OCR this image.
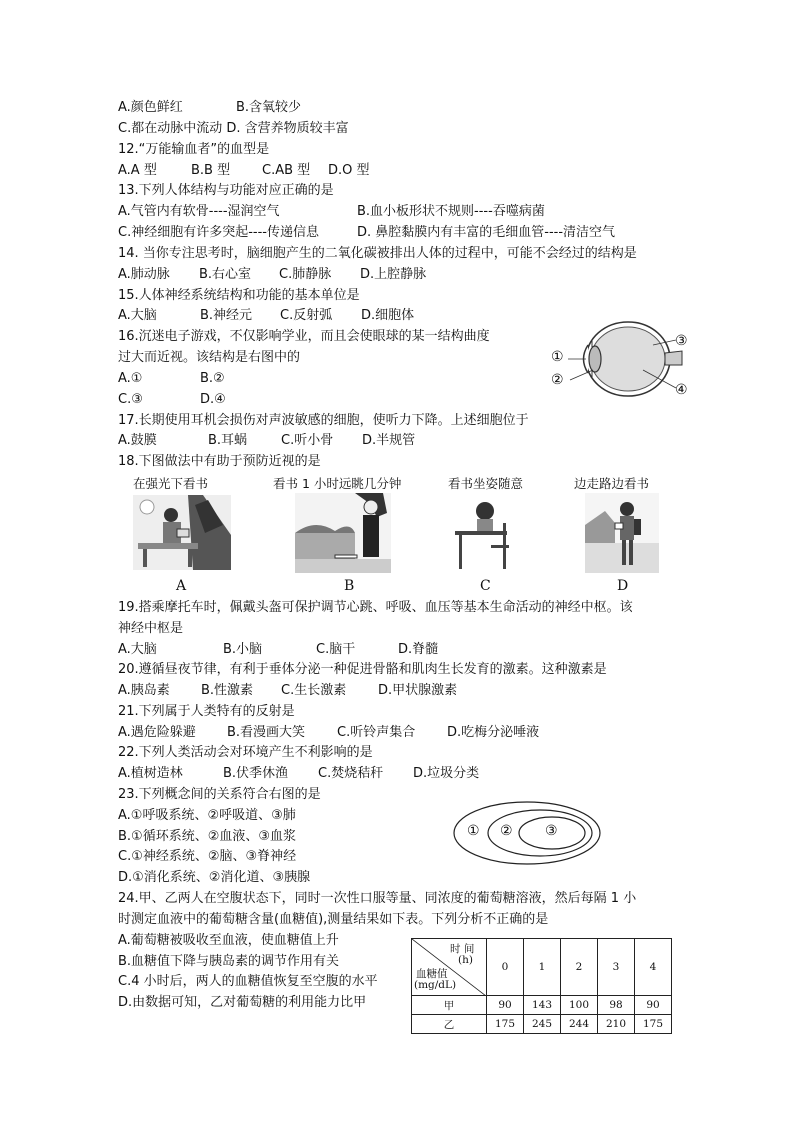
A.颜色鲜红	B.含氧较少
C.都在动脉中流动 D. 含营养物质较丰富
12.“万能输血者”的血型是
A.A 型	B.B 型 C.AB 型 D.O 型
13.下列人体结构与功能对应正确的是
A.气管内有软骨----湿润空气	B.血小板形状不规则----吞噬病菌
C.神经细胞有许多突起----传递信息	D. 鼻腔黏膜内有丰富的毛细血管----清洁空气
14. 当你专注思考时，脑细胞产生的二氧化碳被排出人体的过程中，可能不会经过的结构是
A.肺动脉 B.右心室 C.肺静脉 D.上腔静脉
15.人体神经系统结构和功能的基本单位是
A.大脑	B.神经元 C.反射弧 D.细胞体
16.沉迷电子游戏，不仅影响学业，而且会使眼球的某一结构曲度
过大而近视。该结构是右图中的
A.①	B.②
C.③	D.④
①
②
③
④
17.长期使用耳机会损伤对声波敏感的细胞，使听力下降。上述细胞位于
A.鼓膜	B.耳蜗	C.听小骨 D.半规管
18.下图做法中有助于预防近视的是
在强光下看书	看书 1 小时远眺几分钟	看书坐姿随意	边走路边看书
A	B	C	D
19.搭乘摩托车时，佩戴头盔可保护调节心跳、呼吸、血压等基本生命活动的神经中枢。该
神经中枢是
A.大脑	B.小脑	C.脑干	D.脊髓
20.遵循昼夜节律，有利于垂体分泌一种促进骨骼和肌肉生长发育的激素。这种激素是
A.胰岛素 B.性激素 C.生长激素 D.甲状腺激素
21.下列属于人类特有的反射是
A.遇危险躲避 B.看漫画大笑 C.听铃声集合 D.吃梅分泌唾液
22.下列人类活动会对环境产生不利影响的是
A.植树造林	B.伏季休渔 C.焚烧秸秆 D.垃圾分类
23.下列概念间的关系符合右图的是
A.①呼吸系统、②呼吸道、③肺
B.①循环系统、②血液、③血浆
C.①神经系统、②脑、③脊神经
D.①消化系统、②消化道、③胰腺
① ② ③
24.甲、乙两人在空腹状态下，同时一次性口服等量、同浓度的葡萄糖溶液，然后每隔 1 小
时测定血液中的葡萄糖含量(血糖值),测量结果如下表。下列分析不正确的是
A.葡萄糖被吸收至血液，使血糖值上升
B.血糖值下降与胰岛素的调节作用有关
C.4 小时后，两人的血糖值恢复至空腹的水平
D.由数据可知，乙对葡萄糖的利用能力比甲
时 间
(h)
血糖值
(mg/dL)	0	1	2	3	4
甲	90	143	100	98	90
乙	175	245	244	210	175
